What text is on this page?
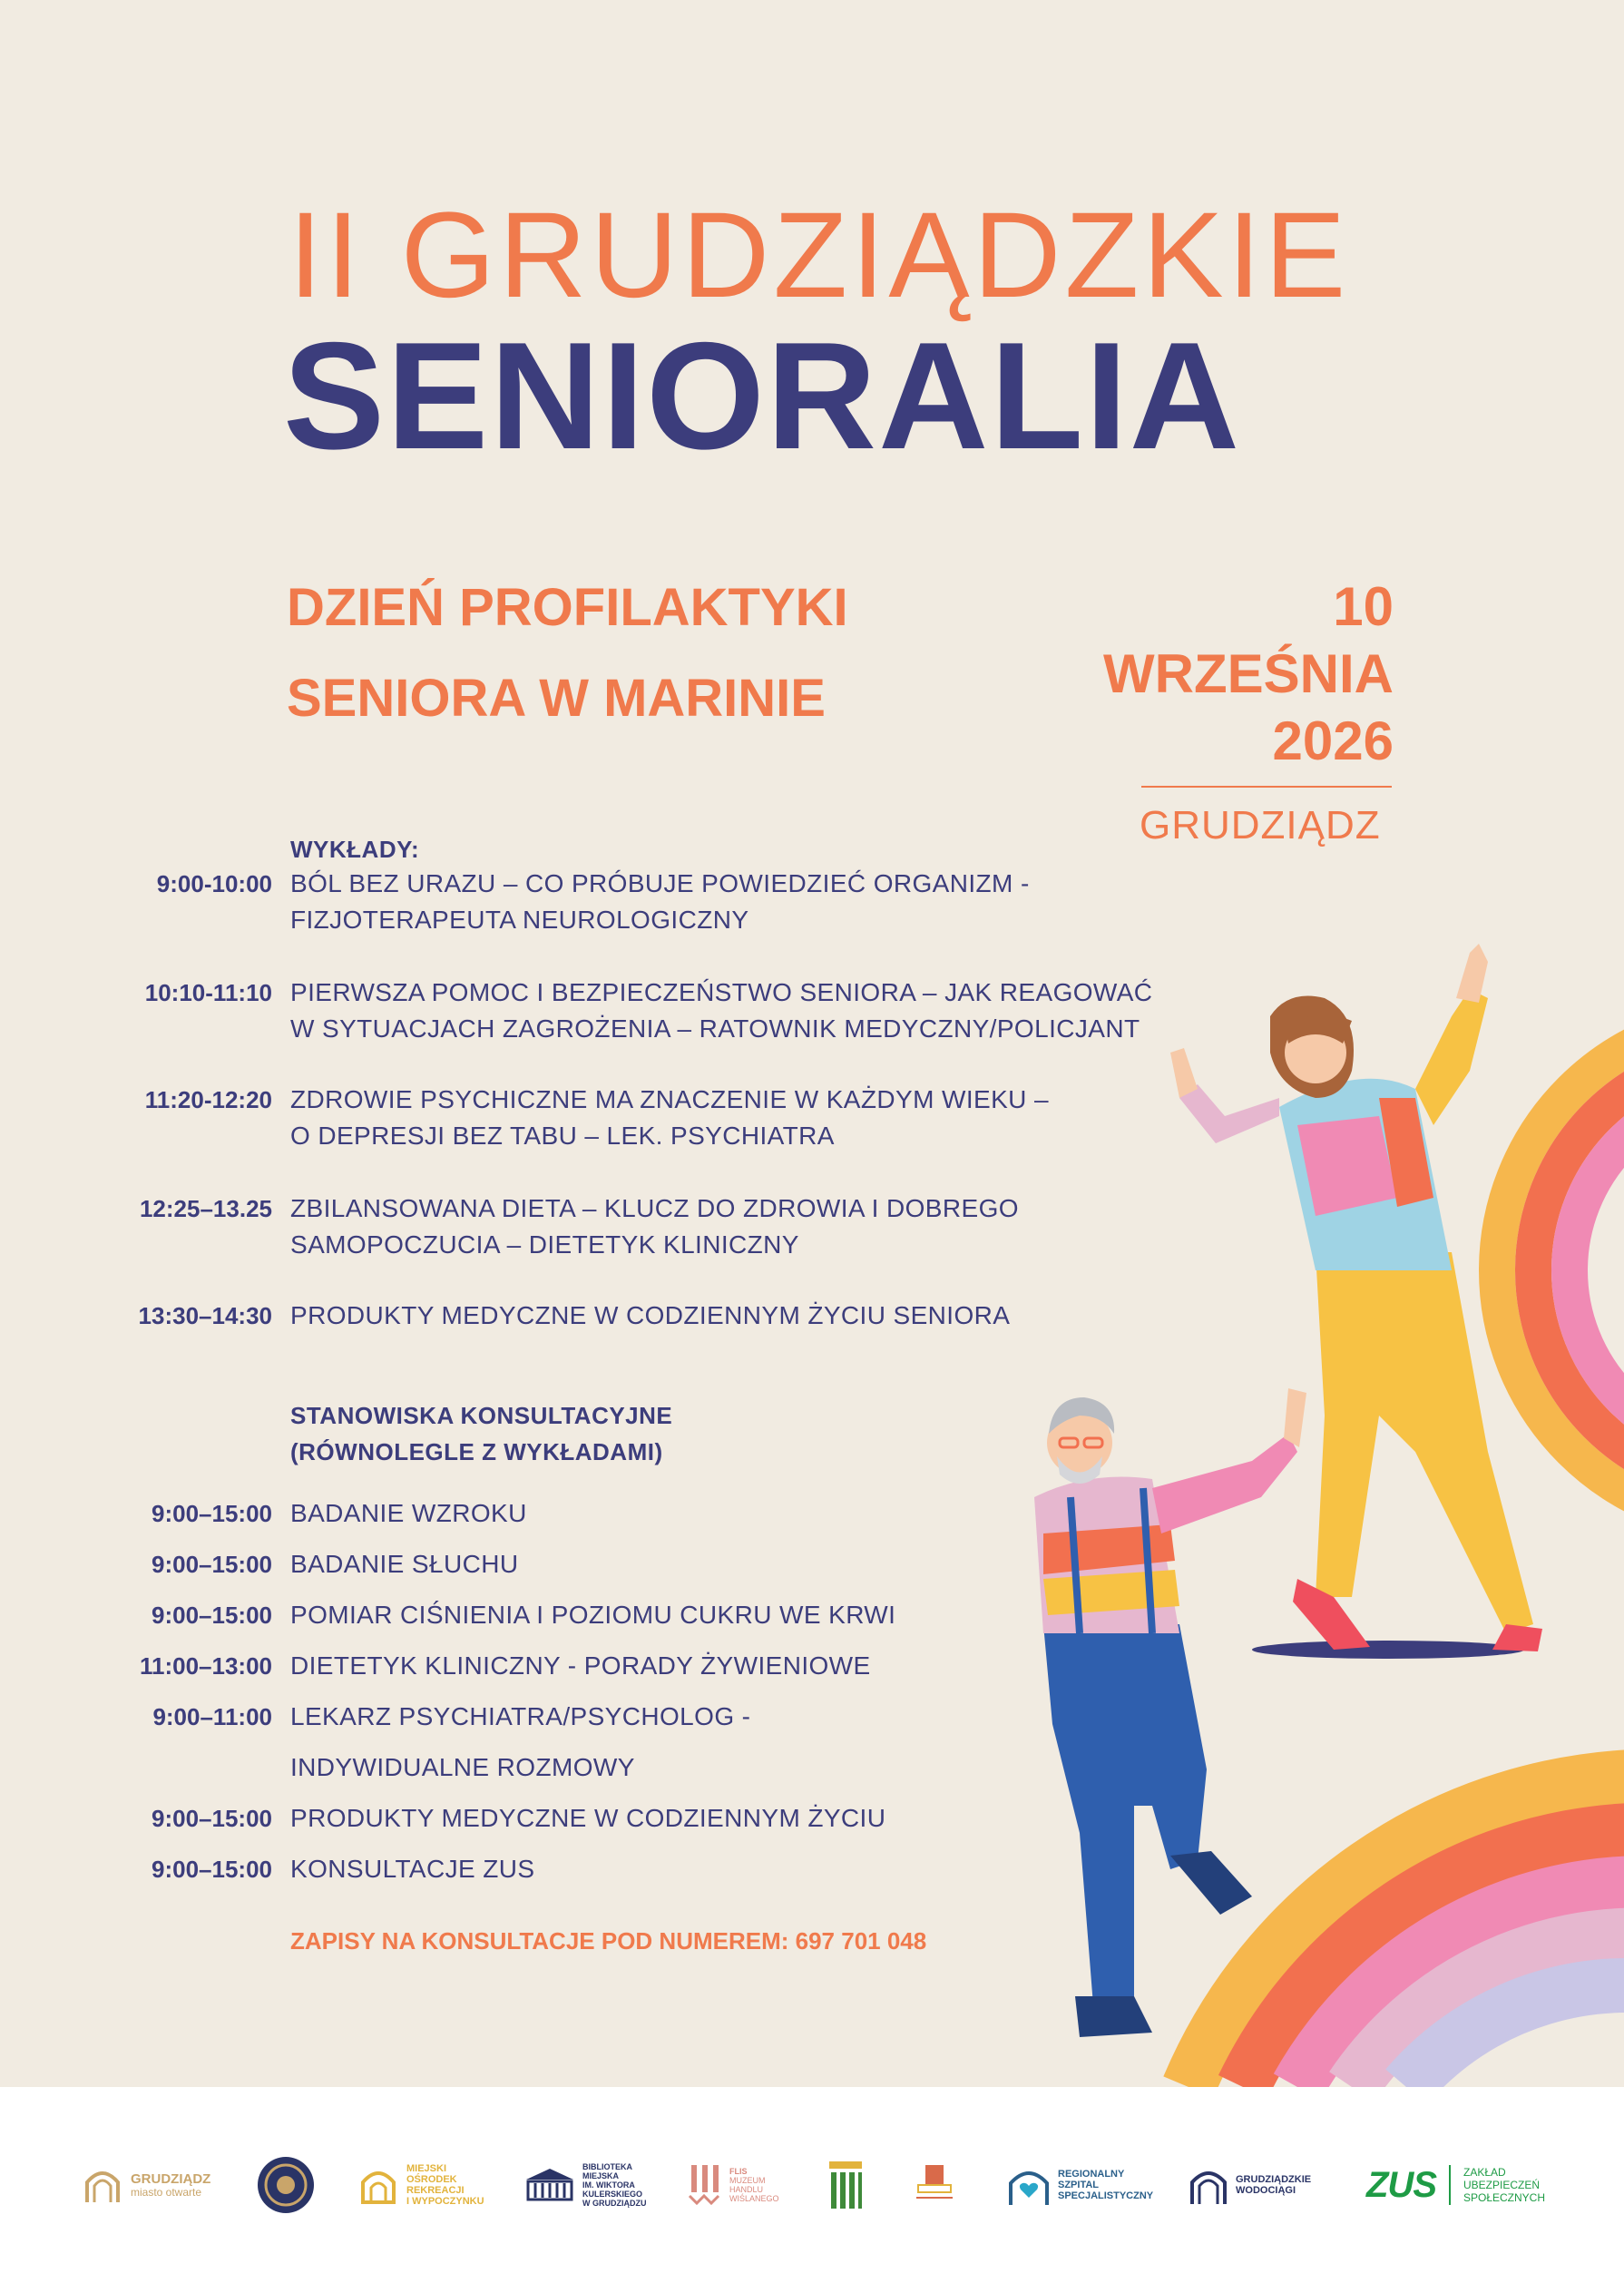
II GRUDZIĄDZKIE
SENIORALIA
DZIEŃ PROFILAKTYKI
SENIORA W MARINIE
10
WRZEŚNIA
2026
GRUDZIĄDZ
WYKŁADY:
9:00-10:00 BÓL BEZ URAZU – CO PRÓBUJE POWIEDZIEĆ ORGANIZM -
FIZJOTERAPEUTA NEUROLOGICZNY
10:10-11:10 PIERWSZA POMOC I BEZPIECZEŃSTWO SENIORA – JAK REAGOWAĆ
W SYTUACJACH ZAGROŻENIA – RATOWNIK MEDYCZNY/POLICJANT
11:20-12:20 ZDROWIE PSYCHICZNE MA ZNACZENIE W KAŻDYM WIEKU –
O DEPRESJI BEZ TABU – LEK. PSYCHIATRA
12:25–13.25 ZBILANSOWANA DIETA – KLUCZ DO ZDROWIA I DOBREGO
SAMOPOCZUCIA – DIETETYK KLINICZNY
13:30–14:30 PRODUKTY MEDYCZNE W CODZIENNYM ŻYCIU SENIORA
STANOWISKA KONSULTACYJNE
(RÓWNOLEGLE Z WYKŁADAMI)
9:00–15:00 BADANIE WZROKU
9:00–15:00 BADANIE SŁUCHU
9:00–15:00 POMIAR CIŚNIENIA I POZIOMU CUKRU WE KRWI
11:00–13:00 DIETETYK KLINICZNY - PORADY ŻYWIENIOWE
9:00–11:00 LEKARZ PSYCHIATRA/PSYCHOLOG -
INDYWIDUALNE ROZMOWY
9:00–15:00 PRODUKTY MEDYCZNE W CODZIENNYM ŻYCIU
9:00–15:00 KONSULTACJE ZUS
ZAPISY NA KONSULTACJE POD NUMEREM: 697 701 048
GRUDZIĄDZ
miasto otwarte
MIEJSKI
OŚRODEK
REKREACJI
I WYPOCZYNKU
BIBLIOTEKA
MIEJSKA
IM. WIKTORA
KULERSKIEGO
W GRUDZIĄDZU
FLIS
MUZEUM
HANDLU
WIŚLANEGO
REGIONALNY
SZPITAL
SPECJALISTYCZNY
GRUDZIĄDZKIE
WODOCIĄGI	ZUS	ZAKŁAD
UBEZPIECZEŃ
SPOŁECZNYCH
